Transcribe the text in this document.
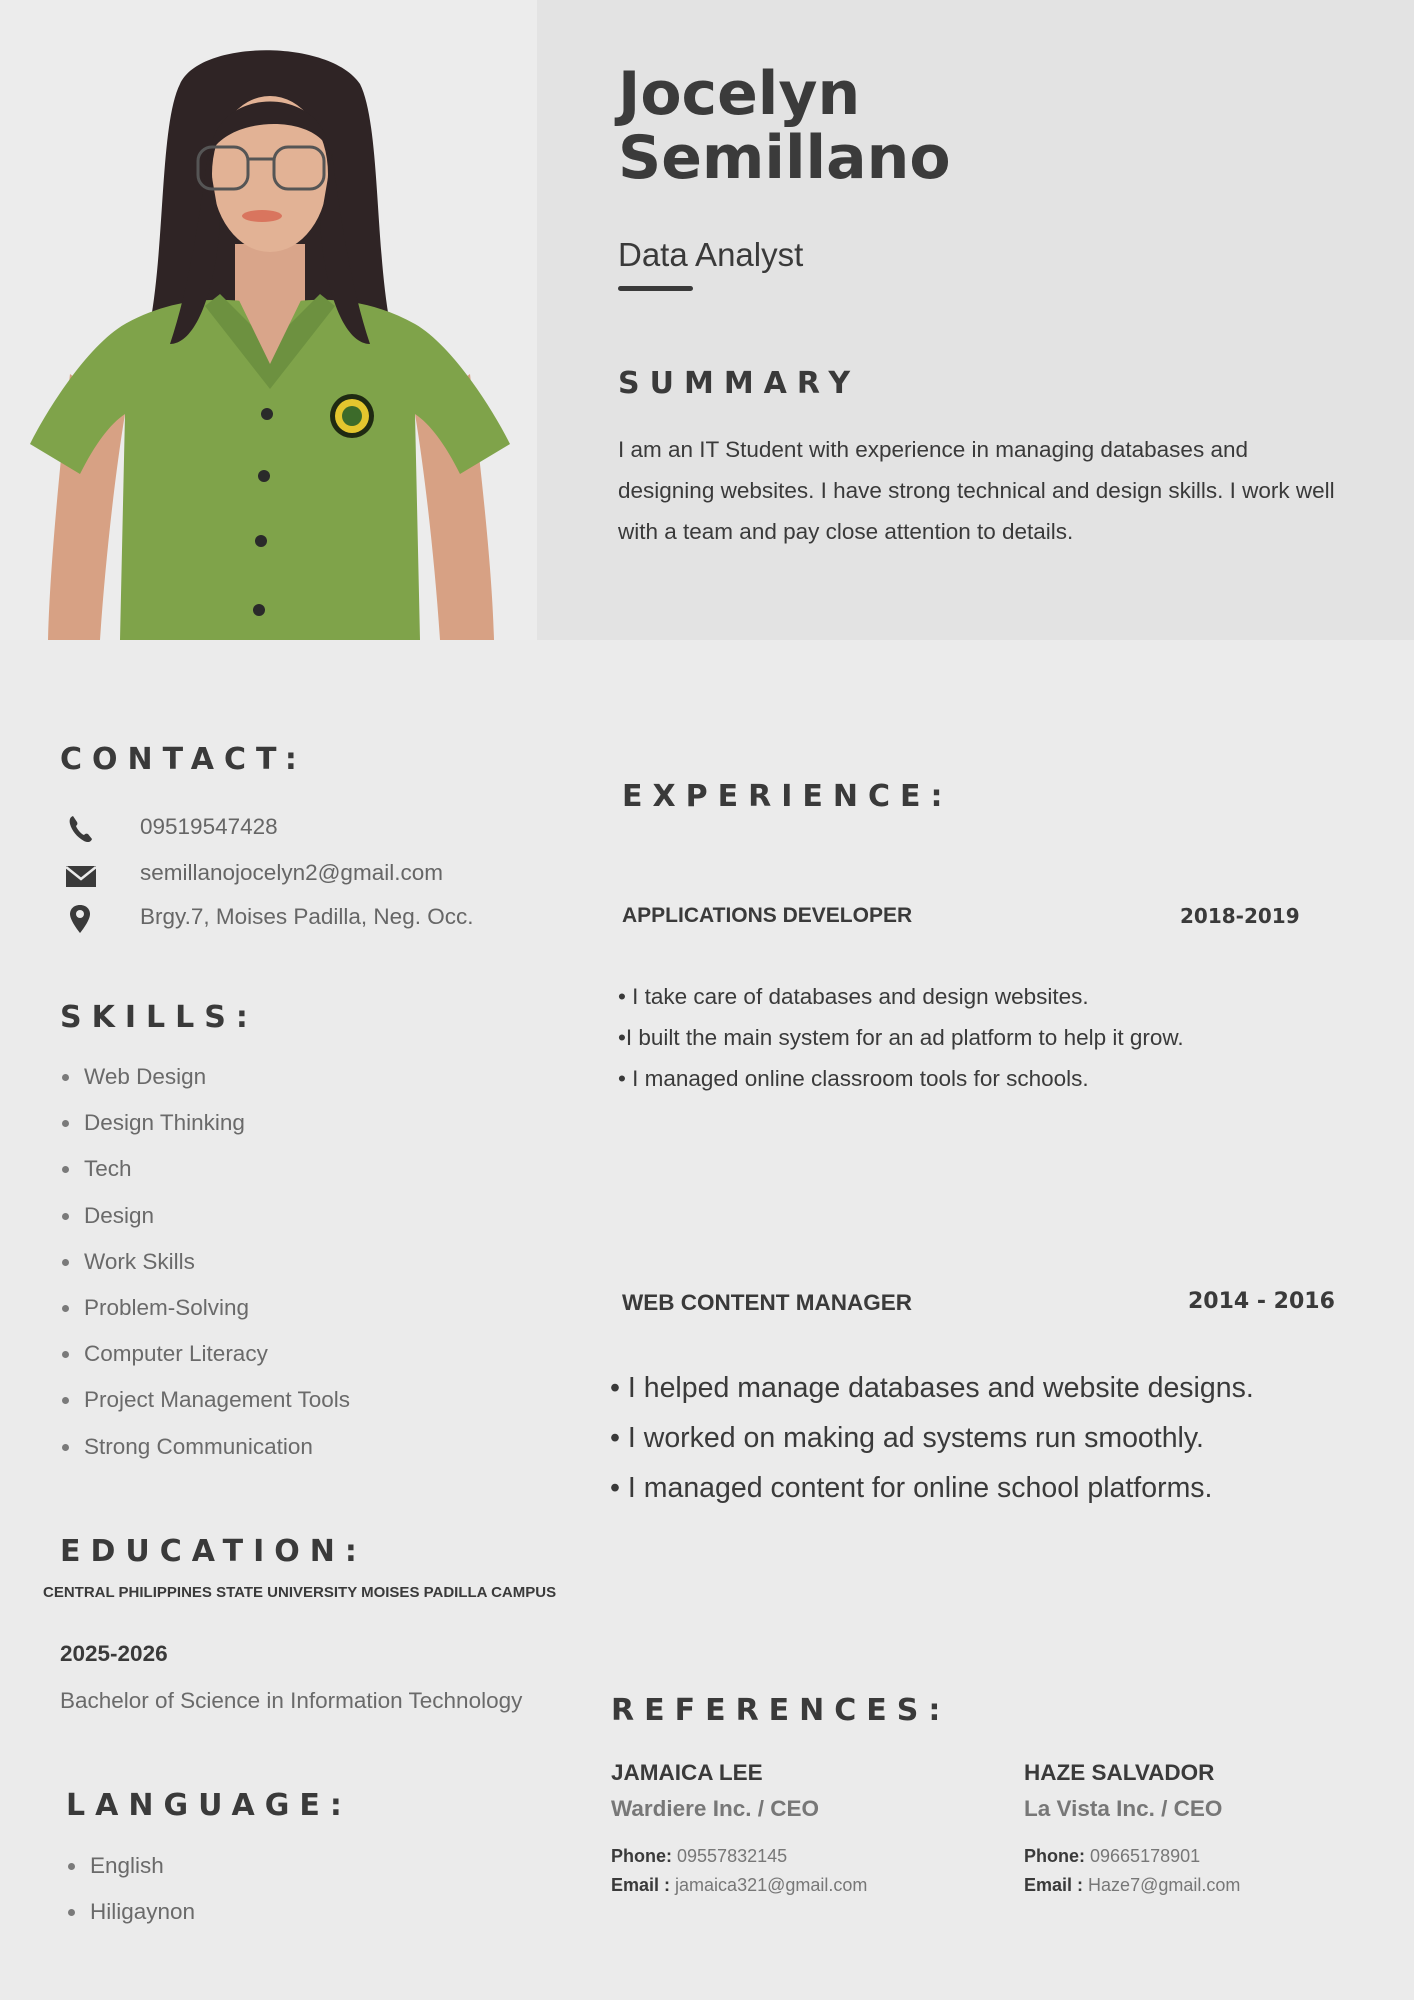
Jocelyn
Semillano
Data Analyst
SUMMARY
I am an IT Student with experience in managing databases and designing websites. I have strong technical and design skills. I work well with a team and pay close attention to details.
CONTACT:
09519547428
semillanojocelyn2@gmail.com
Brgy.7, Moises Padilla, Neg. Occ.
SKILLS:
Web Design
Design Thinking
Tech
Design
Work Skills
Problem-Solving
Computer Literacy
Project Management Tools
Strong Communication
EDUCATION:
CENTRAL PHILIPPINES STATE UNIVERSITY MOISES PADILLA CAMPUS
2025-2026
Bachelor of Science in Information Technology
LANGUAGE:
English
Hiligaynon
EXPERIENCE:
APPLICATIONS DEVELOPER	2018-2019
• I take care of databases and design websites.
•I built the main system for an ad platform to help it grow.
• I managed online classroom tools for schools.
WEB CONTENT MANAGER	2014 - 2016
• I helped manage databases and website designs.
• I worked on making ad systems run smoothly.
• I managed content for online school platforms.
REFERENCES:
JAMAICA LEE
Wardiere Inc. / CEO
Phone: 09557832145
Email : jamaica321@gmail.com
HAZE SALVADOR
La Vista Inc. / CEO
Phone: 09665178901
Email : Haze7@gmail.com
